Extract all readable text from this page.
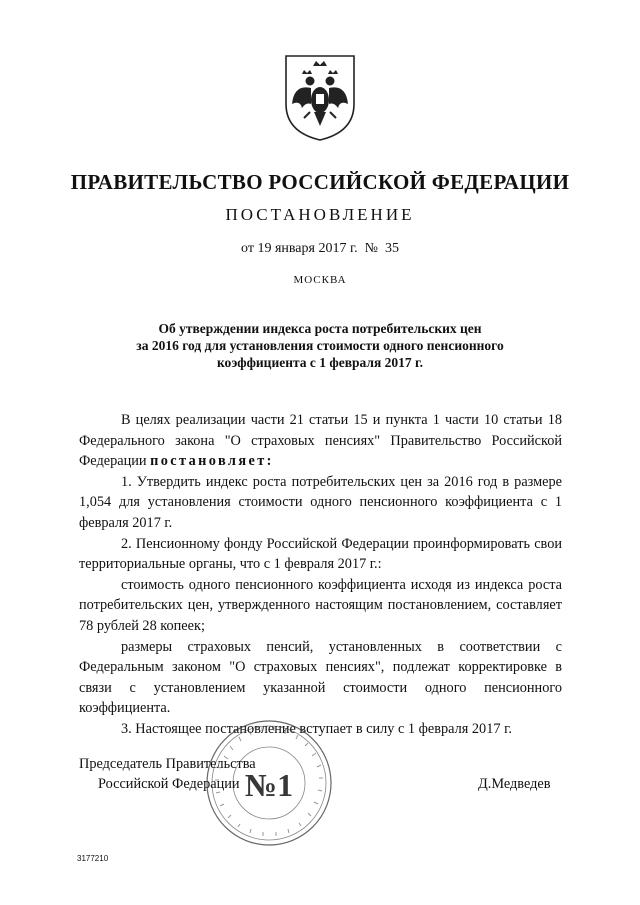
ПРАВИТЕЛЬСТВО РОССИЙСКОЙ ФЕДЕРАЦИИ
ПОСТАНОВЛЕНИЕ
от 19 января 2017 г.  №  35
МОСКВА
Об утверждении индекса роста потребительских цен
за 2016 год для установления стоимости одного пенсионного
коэффициента с 1 февраля 2017 г.

В целях реализации части 21 статьи 15 и пункта 1 части 10 статьи 18 Федерального закона "О страховых пенсиях" Правительство Российской Федерации постановляет:

1. Утвердить индекс роста потребительских цен за 2016 год в размере 1,054 для установления стоимости одного пенсионного коэффициента с 1 февраля 2017 г.

2. Пенсионному фонду Российской Федерации проинформировать свои территориальные органы, что с 1 февраля 2017 г.:

стоимость одного пенсионного коэффициента исходя из индекса роста потребительских цен, утвержденного настоящим постановлением, составляет 78 рублей 28 копеек;

размеры страховых пенсий, установленных в соответствии с Федеральным законом "О страховых пенсиях", подлежат корректировке в связи с установлением указанной стоимости одного пенсионного коэффициента.

3. Настоящее постановление вступает в силу с 1 февраля 2017 г.

Председатель Правительства
Российской Федерации	Д.Медведев
№1
3177210
